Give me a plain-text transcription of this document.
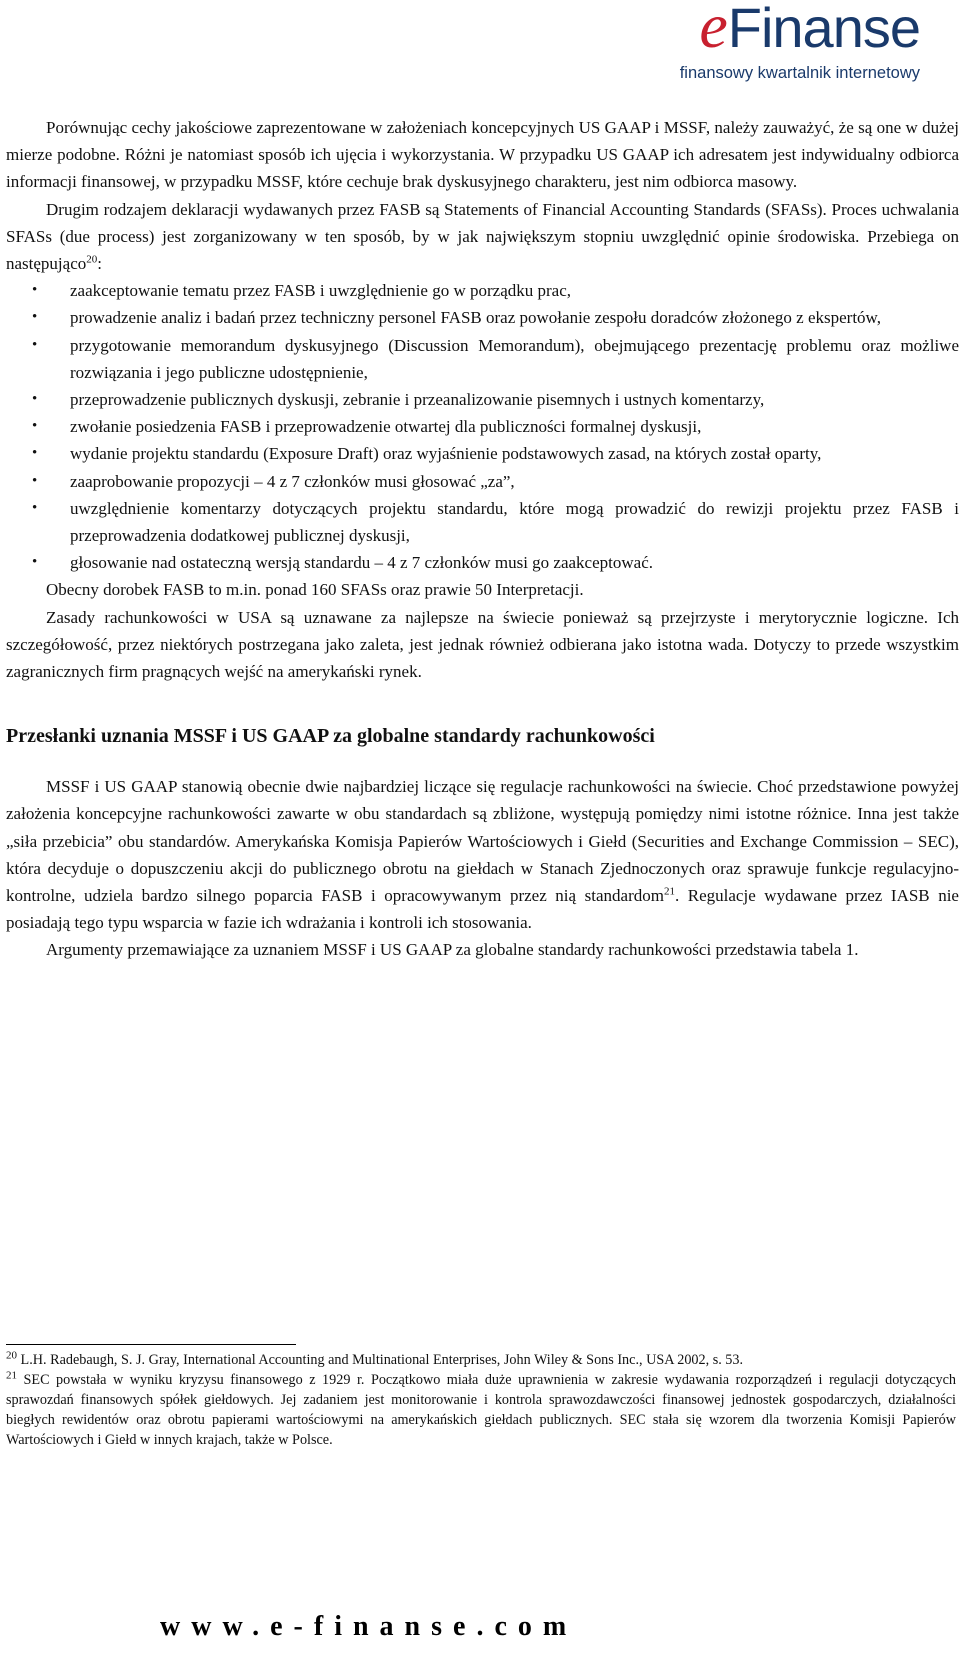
eFinanse
finansowy kwartalnik internetowy

Porównując cechy jakościowe zaprezentowane w założeniach koncepcyjnych US GAAP i MSSF, należy zauważyć, że są one w dużej mierze podobne. Różni je natomiast sposób ich ujęcia i wykorzystania. W przypadku US GAAP ich adresatem jest indywidualny odbiorca informacji finansowej, w przypadku MSSF, które cechuje brak dyskusyjnego charakteru, jest nim odbiorca masowy.

Drugim rodzajem deklaracji wydawanych przez FASB są Statements of Financial Accounting Standards (SFASs). Proces uchwalania SFASs (due process) jest zorganizowany w ten sposób, by w jak największym stopniu uwzględnić opinie środowiska. Przebiega on następująco$^{20}$:

• zaakceptowanie tematu przez FASB i uwzględnienie go w porządku prac,
• prowadzenie analiz i badań przez techniczny personel FASB oraz powołanie zespołu doradców złożonego z ekspertów,
• przygotowanie memorandum dyskusyjnego (Discussion Memorandum), obejmującego prezentację problemu oraz możliwe rozwiązania i jego publiczne udostępnienie,
• przeprowadzenie publicznych dyskusji, zebranie i przeanalizowanie pisemnych i ustnych komentarzy,
• zwołanie posiedzenia FASB i przeprowadzenie otwartej dla publiczności formalnej dyskusji,
• wydanie projektu standardu (Exposure Draft) oraz wyjaśnienie podstawowych zasad, na których został oparty,
• zaaprobowanie propozycji – 4 z 7 członków musi głosować „za”,
• uwzględnienie komentarzy dotyczących projektu standardu, które mogą prowadzić do rewizji projektu przez FASB i przeprowadzenia dodatkowej publicznej dyskusji,
• głosowanie nad ostateczną wersją standardu – 4 z 7 członków musi go zaakceptować.

Obecny dorobek FASB to m.in. ponad 160 SFASs oraz prawie 50 Interpretacji.

Zasady rachunkowości w USA są uznawane za najlepsze na świecie ponieważ są przejrzyste i merytorycznie logiczne. Ich szczegółowość, przez niektórych postrzegana jako zaleta, jest jednak również odbierana jako istotna wada. Dotyczy to przede wszystkim zagranicznych firm pragnących wejść na amerykański rynek.

Przesłanki uznania MSSF i US GAAP za globalne standardy rachunkowości

MSSF i US GAAP stanowią obecnie dwie najbardziej liczące się regulacje rachunkowości na świecie. Choć przedstawione powyżej założenia koncepcyjne rachunkowości zawarte w obu standardach są zbliżone, występują pomiędzy nimi istotne różnice. Inna jest także „siła przebicia” obu standardów. Amerykańska Komisja Papierów Wartościowych i Giełd (Securities and Exchange Commission – SEC), która decyduje o dopuszczeniu akcji do publicznego obrotu na giełdach w Stanach Zjednoczonych oraz sprawuje funkcje regulacyjno-kontrolne, udziela bardzo silnego poparcia FASB i opracowywanym przez nią standardom$^{21}$. Regulacje wydawane przez IASB nie posiadają tego typu wsparcia w fazie ich wdrażania i kontroli ich stosowania.

Argumenty przemawiające za uznaniem MSSF i US GAAP za globalne standardy rachunkowości przedstawia tabela 1.

$^{20}$ L.H. Radebaugh, S. J. Gray, International Accounting and Multinational Enterprises, John Wiley & Sons Inc., USA 2002, s. 53.

$^{21}$ SEC powstała w wyniku kryzysu finansowego z 1929 r. Początkowo miała duże uprawnienia w zakresie wydawania rozporządzeń i regulacji dotyczących sprawozdań finansowych spółek giełdowych. Jej zadaniem jest monitorowanie i kontrola sprawozdawczości finansowej jednostek gospodarczych, działalności biegłych rewidentów oraz obrotu papierami wartościowymi na amerykańskich giełdach publicznych. SEC stała się wzorem dla tworzenia Komisji Papierów Wartościowych i Giełd w innych krajach, także w Polsce.

www.e-finanse.com
